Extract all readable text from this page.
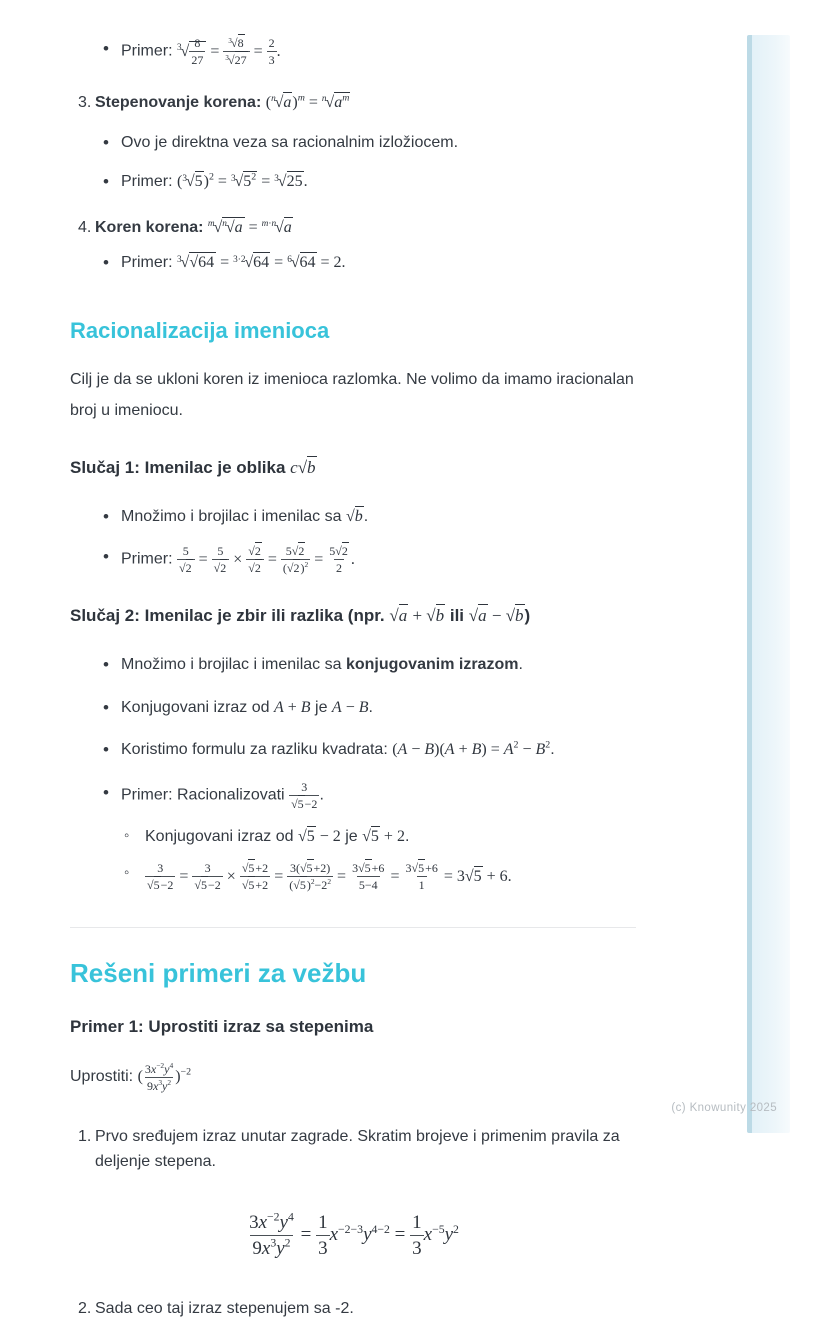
(c) Knowunity 2025
• Primer: $^3√ \frac{8}{27} = \frac{^3√8}{^3√27} = \frac{2}{3}$ .
3. Stepenovanje korena: $(^n√a)^m = ^n√a^m$
• Ovo je direktna veza sa racionalnim izložiocem.
• Primer: $(^3√5)^2 = ^3√5^2 = ^3√25$.
4. Koren korena: $^m$√$^n$√a = $^{m\cdot n}$√a
• Primer: $^3$√√64 = $^{3\cdot 2}$√64 = $^6$√64 = 2.
Racionalizacija imenioca

Cilj je da se ukloni koren iz imenioca razlomka. Ne volimo da imamo iracionalan broj u imeniocu.

Slučaj 1: Imenilac je oblika c√b
• Množimo i brojilac i imenilac sa √b.
• Primer: $\frac{5}{√2} = \frac{5}{√2} \times \frac{√2}{√2} = \frac{5√2}{(√2)^2} = \frac{5√2}{2}$ .
Slučaj 2: Imenilac je zbir ili razlika (npr. √a + √b ili √a − √b)
• Množimo i brojilac i imenilac sa konjugovanim izrazom.
• Konjugovani izraz od A + B je A − B.
• Koristimo formulu za razliku kvadrata: $(A - B)(A + B) = A^2 - B^2$.
• Primer: Racionalizovati $\frac{3}{√5-2}$ .
◦ Konjugovani izraz od √5 − 2 je √5 + 2.
◦ $\frac{3}{√5-2} = \frac{3}{√5-2} \times \frac{√5+2}{√5+2} = \frac{3(√5+2)}{(√5)^2-2^2} = \frac{3√5+6}{5-4} = \frac{3√5+6}{1} = 3√5 + 6$.
Rešeni primeri za vežbu
Primer 1: Uprostiti izraz sa stepenima

Uprostiti: ( $\frac{3x^{-2}y^4}{9x^3y^2} )^{-2}$

1. Prvo sređujem izraz unutar zagrade. Skratim brojeve i primenim pravila za deljenje stepena.
$\frac{3x^{-2}y^4}{9x^3y^2} = \frac{1}{3} x^{-2-3}y^{4-2} = \frac{1}{3} x^{-5}y^2$
2. Sada ceo taj izraz stepenujem sa -2.
